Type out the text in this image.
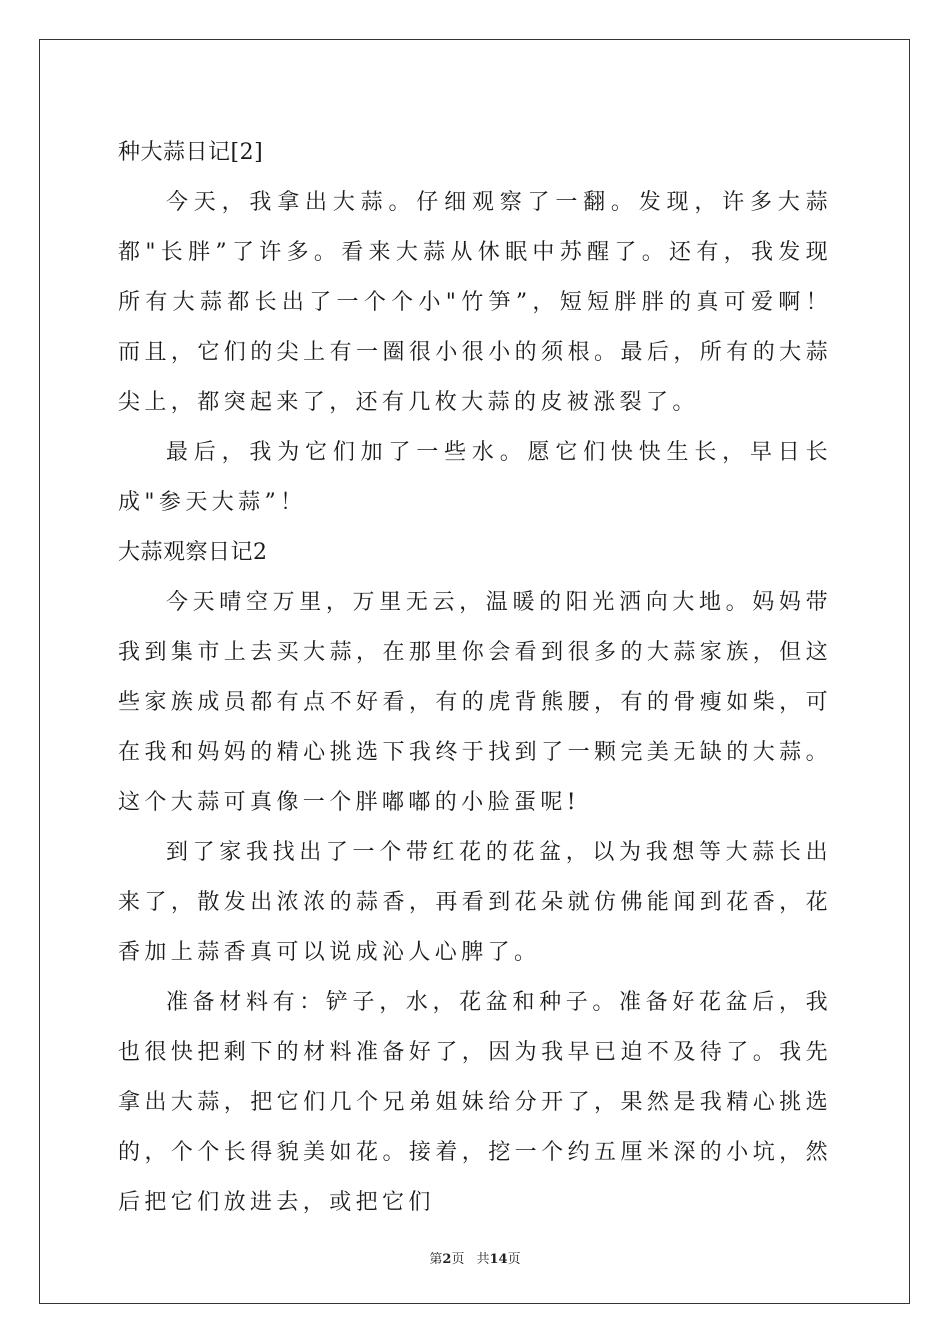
种大蒜日记[2]

今天，我拿出大蒜。仔细观察了一翻。发现，许多大蒜都"长胖”了许多。看来大蒜从休眠中苏醒了。还有，我发现所有大蒜都长出了一个个小"竹笋”，短短胖胖的真可爱啊！而且，它们的尖上有一圈很小很小的须根。最后，所有的大蒜尖上，都突起来了，还有几枚大蒜的皮被涨裂了。

最后，我为它们加了一些水。愿它们快快生长，早日长成"参天大蒜”！

大蒜观察日记2

今天晴空万里，万里无云，温暖的阳光洒向大地。妈妈带我到集市上去买大蒜，在那里你会看到很多的大蒜家族，但这些家族成员都有点不好看，有的虎背熊腰，有的骨瘦如柴，可在我和妈妈的精心挑选下我终于找到了一颗完美无缺的大蒜。这个大蒜可真像一个胖嘟嘟的小脸蛋呢!

到了家我找出了一个带红花的花盆，以为我想等大蒜长出来了，散发出浓浓的蒜香，再看到花朵就仿佛能闻到花香，花香加上蒜香真可以说成沁人心脾了。

准备材料有：铲子，水，花盆和种子。准备好花盆后，我也很快把剩下的材料准备好了，因为我早已迫不及待了。我先拿出大蒜，把它们几个兄弟姐妹给分开了，果然是我精心挑选的，个个长得貌美如花。接着，挖一个约五厘米深的小坑，然后把它们放进去，或把它们

第2页 共14页
